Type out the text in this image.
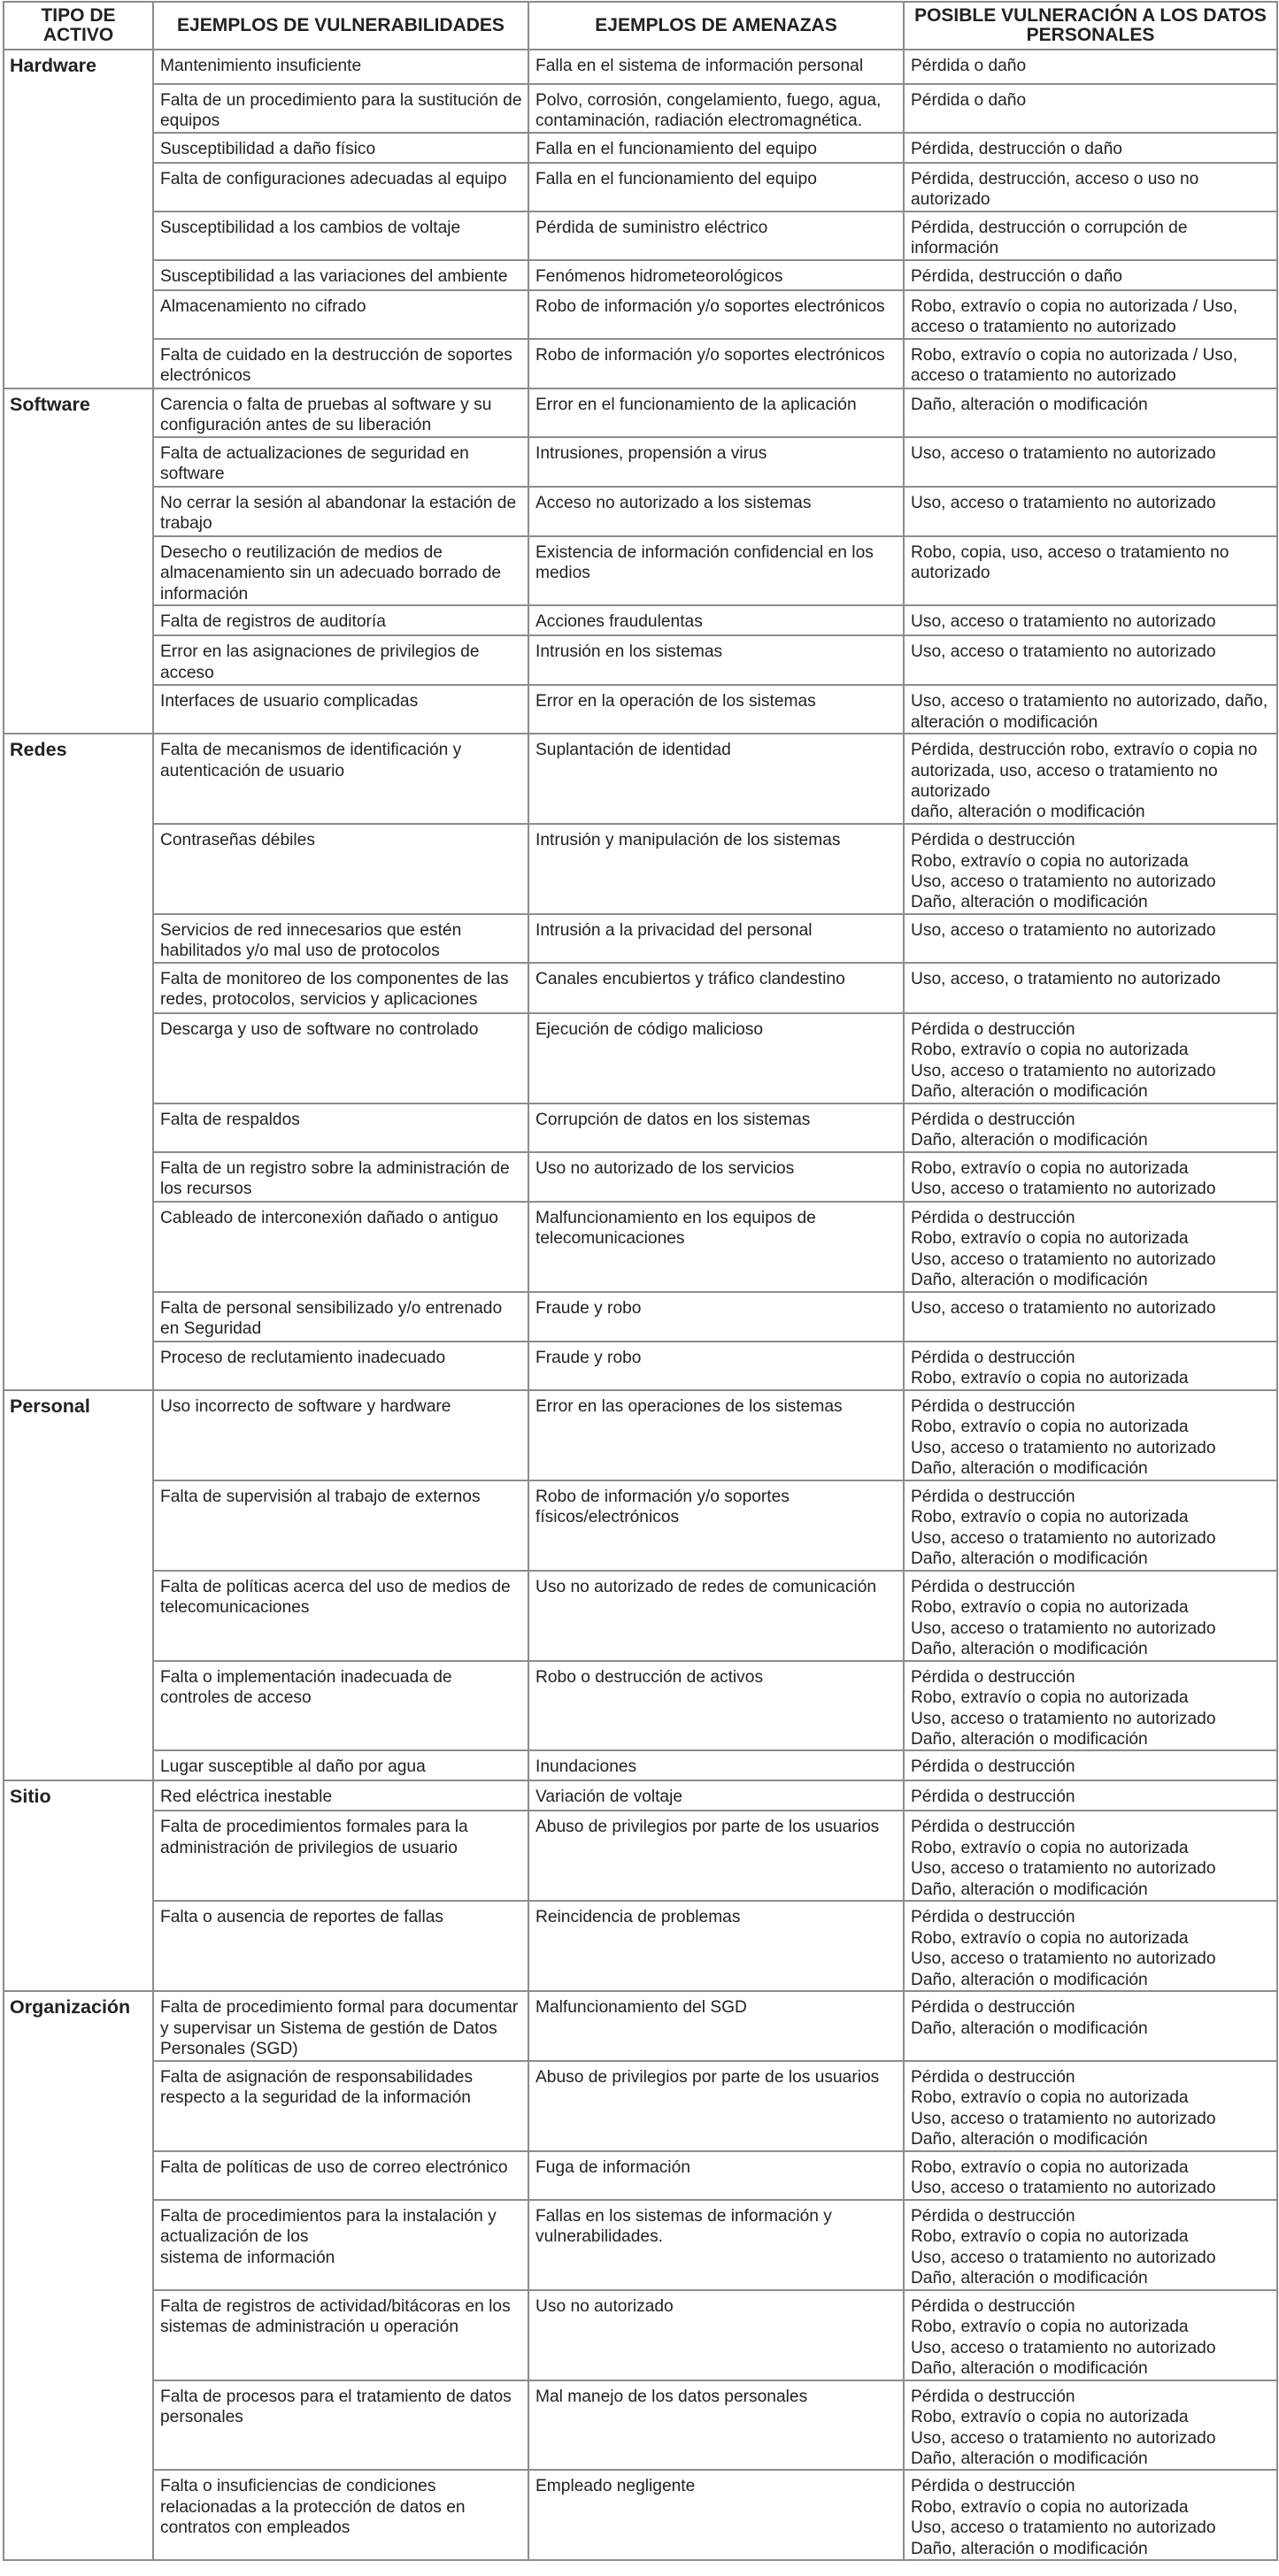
TIPO DE ACTIVO	EJEMPLOS DE VULNERABILIDADES	EJEMPLOS DE AMENAZAS	POSIBLE VULNERACIÓN A LOS DATOS PERSONALES
Hardware	Mantenimiento insuficiente	Falla en el sistema de información personal	Pérdida o daño

	Falta de un procedimiento para la sustitución de equipos	Polvo, corrosión, congelamiento, fuego, agua, contaminación, radiación electromagnética.	Pérdida o daño

	Susceptibilidad a daño físico	Falla en el funcionamiento del equipo	Pérdida, destrucción o daño

	Falta de configuraciones adecuadas al equipo	Falla en el funcionamiento del equipo	Pérdida, destrucción, acceso o uso no autorizado

	Susceptibilidad a los cambios de voltaje	Pérdida de suministro eléctrico	Pérdida, destrucción o corrupción de información

	Susceptibilidad a las variaciones del ambiente	Fenómenos hidrometeorológicos	Pérdida, destrucción o daño

	Almacenamiento no cifrado	Robo de información y/o soportes electrónicos	Robo, extravío o copia no autorizada / Uso, acceso o tratamiento no autorizado

	Falta de cuidado en la destrucción de soportes electrónicos	Robo de información y/o soportes electrónicos	Robo, extravío o copia no autorizada / Uso, acceso o tratamiento no autorizado

Software	Carencia o falta de pruebas al software y su configuración antes de su liberación	Error en el funcionamiento de la aplicación	Daño, alteración o modificación

	Falta de actualizaciones de seguridad en software	Intrusiones, propensión a virus	Uso, acceso o tratamiento no autorizado

	No cerrar la sesión al abandonar la estación de trabajo	Acceso no autorizado a los sistemas	Uso, acceso o tratamiento no autorizado

	Desecho o reutilización de medios de almacenamiento sin un adecuado borrado de información	Existencia de información confidencial en los medios	Robo, copia, uso, acceso o tratamiento no autorizado

	Falta de registros de auditoría	Acciones fraudulentas	Uso, acceso o tratamiento no autorizado

	Error en las asignaciones de privilegios de acceso	Intrusión en los sistemas	Uso, acceso o tratamiento no autorizado

	Interfaces de usuario complicadas	Error en la operación de los sistemas	Uso, acceso o tratamiento no autorizado, daño, alteración o modificación

Redes	Falta de mecanismos de identificación y autenticación de usuario	Suplantación de identidad	Pérdida, destrucción robo, extravío o copia no autorizada, uso, acceso o tratamiento no autorizado
daño, alteración o modificación

	Contraseñas débiles	Intrusión y manipulación de los sistemas	Pérdida o destrucción
Robo, extravío o copia no autorizada
Uso, acceso o tratamiento no autorizado
Daño, alteración o modificación

	Servicios de red innecesarios que estén habilitados y/o mal uso de protocolos	Intrusión a la privacidad del personal	Uso, acceso o tratamiento no autorizado

	Falta de monitoreo de los componentes de las redes, protocolos, servicios y aplicaciones	Canales encubiertos y tráfico clandestino	Uso, acceso, o tratamiento no autorizado

	Descarga y uso de software no controlado	Ejecución de código malicioso	Pérdida o destrucción
Robo, extravío o copia no autorizada
Uso, acceso o tratamiento no autorizado
Daño, alteración o modificación

	Falta de respaldos	Corrupción de datos en los sistemas	Pérdida o destrucción
Daño, alteración o modificación

	Falta de un registro sobre la administración de los recursos	Uso no autorizado de los servicios	Robo, extravío o copia no autorizada
Uso, acceso o tratamiento no autorizado

	Cableado de interconexión dañado o antiguo	Malfuncionamiento en los equipos de telecomunicaciones	Pérdida o destrucción
Robo, extravío o copia no autorizada
Uso, acceso o tratamiento no autorizado
Daño, alteración o modificación

	Falta de personal sensibilizado y/o entrenado en Seguridad	Fraude y robo	Uso, acceso o tratamiento no autorizado

	Proceso de reclutamiento inadecuado	Fraude y robo	Pérdida o destrucción
Robo, extravío o copia no autorizada

Personal	Uso incorrecto de software y hardware	Error en las operaciones de los sistemas	Pérdida o destrucción
Robo, extravío o copia no autorizada
Uso, acceso o tratamiento no autorizado
Daño, alteración o modificación

	Falta de supervisión al trabajo de externos	Robo de información y/o soportes físicos/electrónicos	Pérdida o destrucción
Robo, extravío o copia no autorizada
Uso, acceso o tratamiento no autorizado
Daño, alteración o modificación

	Falta de políticas acerca del uso de medios de telecomunicaciones	Uso no autorizado de redes de comunicación	Pérdida o destrucción
Robo, extravío o copia no autorizada
Uso, acceso o tratamiento no autorizado
Daño, alteración o modificación

	Falta o implementación inadecuada de controles de acceso	Robo o destrucción de activos	Pérdida o destrucción
Robo, extravío o copia no autorizada
Uso, acceso o tratamiento no autorizado
Daño, alteración o modificación

	Lugar susceptible al daño por agua	Inundaciones	Pérdida o destrucción

Sitio	Red eléctrica inestable	Variación de voltaje	Pérdida o destrucción

	Falta de procedimientos formales para la administración de privilegios de usuario	Abuso de privilegios por parte de los usuarios	Pérdida o destrucción
Robo, extravío o copia no autorizada
Uso, acceso o tratamiento no autorizado
Daño, alteración o modificación

	Falta o ausencia de reportes de fallas	Reincidencia de problemas	Pérdida o destrucción
Robo, extravío o copia no autorizada
Uso, acceso o tratamiento no autorizado
Daño, alteración o modificación

Organización	Falta de procedimiento formal para documentar y supervisar un Sistema de gestión de Datos Personales (SGD)	Malfuncionamiento del SGD	Pérdida o destrucción
Daño, alteración o modificación

	Falta de asignación de responsabilidades respecto a la seguridad de la información	Abuso de privilegios por parte de los usuarios	Pérdida o destrucción
Robo, extravío o copia no autorizada
Uso, acceso o tratamiento no autorizado
Daño, alteración o modificación

	Falta de políticas de uso de correo electrónico	Fuga de información	Robo, extravío o copia no autorizada
Uso, acceso o tratamiento no autorizado

	Falta de procedimientos para la instalación y actualización de los
sistema de información	Fallas en los sistemas de información y vulnerabilidades.	Pérdida o destrucción
Robo, extravío o copia no autorizada
Uso, acceso o tratamiento no autorizado
Daño, alteración o modificación

	Falta de registros de actividad/bitácoras en los sistemas de administración u operación	Uso no autorizado	Pérdida o destrucción
Robo, extravío o copia no autorizada
Uso, acceso o tratamiento no autorizado
Daño, alteración o modificación

	Falta de procesos para el tratamiento de datos personales	Mal manejo de los datos personales	Pérdida o destrucción
Robo, extravío o copia no autorizada
Uso, acceso o tratamiento no autorizado
Daño, alteración o modificación

	Falta o insuficiencias de condiciones relacionadas a la protección de datos en contratos con empleados	Empleado negligente	Pérdida o destrucción
Robo, extravío o copia no autorizada
Uso, acceso o tratamiento no autorizado
Daño, alteración o modificación
